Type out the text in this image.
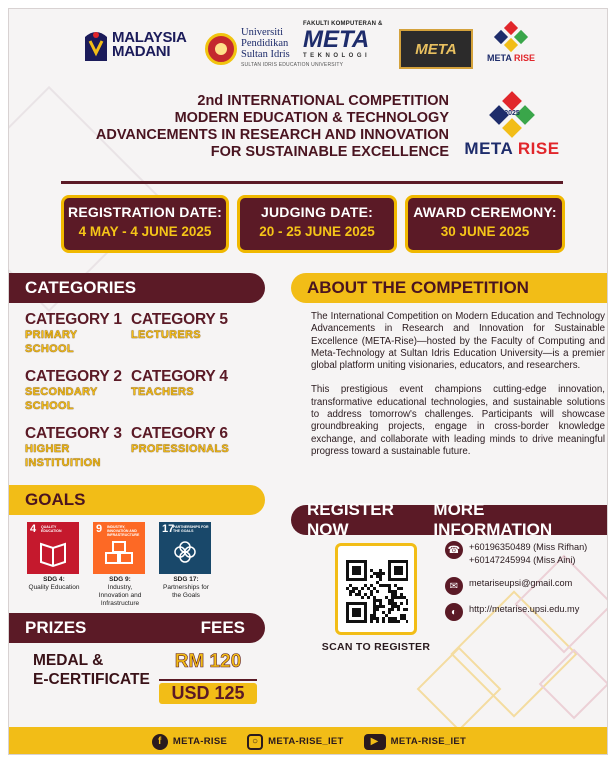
MALAYSIA
MADANI
Universiti
Pendidikan
Sultan Idris
SULTAN IDRIS EDUCATION UNIVERSITY
FAKULTI KOMPUTERAN &
META
TEKNOLOGI	META
META RISE
2nd INTERNATIONAL COMPETITION
MODERN EDUCATION & TECHNOLOGY
ADVANCEMENTS IN RESEARCH AND INNOVATION
FOR SUSTAINABLE EXCELLENCE
2025
META RISE
REGISTRATION DATE:
4 MAY - 4 JUNE 2025
JUDGING DATE:
20 - 25 JUNE 2025
AWARD CEREMONY:
30 JUNE 2025
CATEGORIES
CATEGORY 1
PRIMARY
SCHOOL
CATEGORY 5
LECTURERS
CATEGORY 2
SECONDARY
SCHOOL
CATEGORY 4
TEACHERS
CATEGORY 3
HIGHER
INSTITUITION
CATEGORY 6
PROFESSIONALS
ABOUT THE COMPETITION

The International Competition on Modern Education and Technology Advancements in Research and Innovation for Sustainable Excellence (META-Rise)—hosted by the Faculty of Computing and Meta-Technology at Sultan Idris Education University—is a premier global platform uniting visionaries, educators, and researchers.

This prestigious event champions cutting-edge innovation, transformative educational technologies, and sustainable solutions to address tomorrow's challenges. Participants will showcase groundbreaking projects, engage in cross-border knowledge exchange, and collaborate with leading minds to drive meaningful progress toward a sustainable future.

GOALS
4 QUALITY EDUCATION
SDG 4:
Quality Education
9 INDUSTRY, INNOVATION AND INFRASTRUCTURE
SDG 9:
Industry, Innovation and Infrastructure
17
PARTNERSHIPS FOR THE GOALS
SDG 17:
Partnerships for the Goals
PRIZES	FEES
MEDAL &
E-CERTIFICATE
RM 120
USD 125
REGISTER NOW
MORE INFORMATION
SCAN TO REGISTER
☎ +60196350489 (Miss Rifhan)
+60147245994 (Miss Aini)
✉	metariseupsi@gmail.com
◐	http://metarise.upsi.edu.my
f	META-RISE	○	META-RISE_IET	▶	META-RISE_IET
